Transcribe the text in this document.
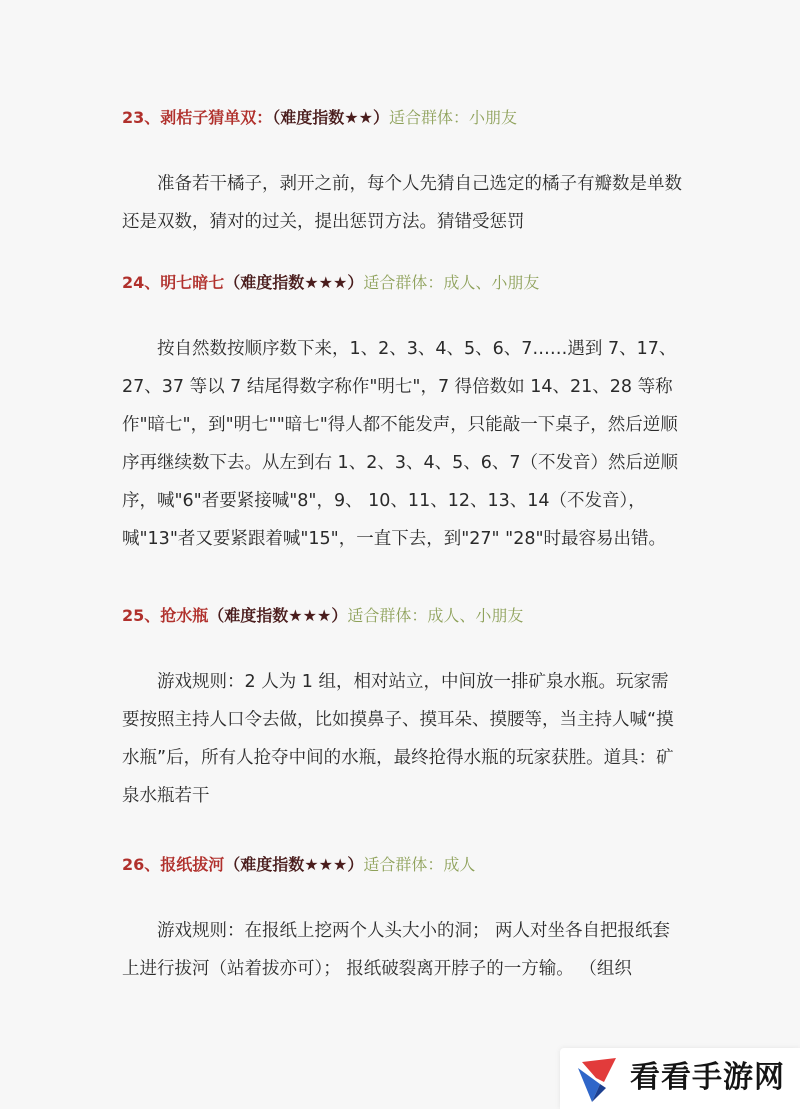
23、剥桔子猜单双：（难度指数★★）适合群体：小朋友

准备若干橘子，剥开之前，每个人先猜自己选定的橘子有瓣数是单数还是双数，猜对的过关，提出惩罚方法。猜错受惩罚

24、明七暗七（难度指数★★★）适合群体：成人、小朋友

按自然数按顺序数下来，1、2、3、4、5、6、7……遇到 7、17、27、37 等以 7 结尾得数字称作"明七"，7 得倍数如 14、21、28 等称作"暗七"，到"明七""暗七"得人都不能发声，只能敲一下桌子，然后逆顺序再继续数下去。从左到右 1、2、3、4、5、6、7（不发音）然后逆顺序，喊"6"者要紧接喊"8"，9、 10、11、12、13、14（不发音），喊"13"者又要紧跟着喊"15"，一直下去，到"27" "28"时最容易出错。

25、抢水瓶（难度指数★★★）适合群体：成人、小朋友

游戏规则：2 人为 1 组，相对站立，中间放一排矿泉水瓶。玩家需要按照主持人口令去做，比如摸鼻子、摸耳朵、摸腰等，当主持人喊“摸水瓶”后，所有人抢夺中间的水瓶，最终抢得水瓶的玩家获胜。道具：矿泉水瓶若干

26、报纸拔河（难度指数★★★）适合群体：成人

游戏规则：在报纸上挖两个人头大小的洞； 两人对坐各自把报纸套上进行拔河（站着拔亦可）； 报纸破裂离开脖子的一方输。 （组织

看看手游网
